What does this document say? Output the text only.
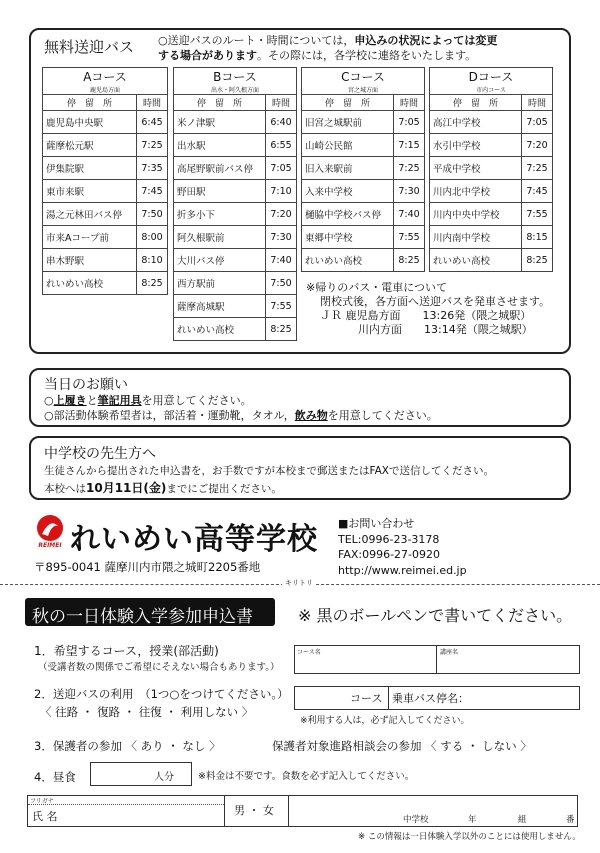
無料送迎バス ○送迎バスのルート・時間については，申込みの状況によっては変更
する場合があります。その際には，各学校に連絡をいたします。
Aコース	
鹿児島方面	
停　留　所	時間
鹿児島中央駅	6:45
薩摩松元駅	7:25
伊集院駅	7:35
東市来駅	7:45
湯之元林田バス停	7:50
市来Aコープ前	8:00
串木野駅	8:10
れいめい高校	8:25
Bコース	
出水・阿久根方面	
停　留　所	時間
米ノ津駅	6:40
出水駅	6:55
高尾野駅前バス停	7:05
野田駅	7:10
折多小下	7:20
阿久根駅前	7:30
大川バス停	7:40
西方駅前	7:50
薩摩高城駅	7:55
れいめい高校	8:25
Cコース	
宮之城方面	
停　留　所	時間
旧宮之城駅前	7:05
山崎公民館	7:15
旧入来駅前	7:25
入来中学校	7:30
樋脇中学校バス停	7:40
東郷中学校	7:55
れいめい高校	8:25
Dコース	
市内コース	
停　留　所	時間
高江中学校	7:05
水引中学校	7:20
平成中学校	7:25
川内北中学校	7:45
川内中央中学校	7:55
川内南中学校	8:15
れいめい高校	8:25
※帰りのバス・電車について
閉校式後，各方面へ送迎バスを発車させます。
ＪＲ 鹿児島方面　　13:26発（隈之城駅）
川内方面　　13:14発（隈之城駅）
当日のお願い
○上履きと筆記用具を用意してください。
○部活動体験希望者は，部活着・運動靴，タオル，飲み物を用意してください。
中学校の先生方へ
生徒さんから提出された申込書を，お手数ですが本校まで郵送またはFAXで送信してください。
本校へは10月11日(金)までにご提出ください。
REIMEI れいめい高等学校
〒895-0041 薩摩川内市隈之城町2205番地
■お問い合わせ
TEL:0996-23-3178
FAX:0996-27-0920
http://www.reimei.ed.jp
キリトリ
秋の一日体験入学参加申込書	※ 黒のボールペンで書いてください。
1．希望するコース，授業(部活動)
（受講者数の関係でご希望にそえない場合もあります。）
コース名	講座名
2．送迎バスの利用　（1つ○をつけてください。）
〈 往路 ・ 復路 ・ 往復 ・ 利用しない 〉
コース 乗車バス停名：
※利用する人は，必ず記入してください。
3．保護者の参加 〈 あり ・ なし 〉	保護者対象進路相談会の参加 〈 する ・ しない 〉
4．昼食	人分	※料金は不要です。食数を必ず記入してください。
フリガナ
氏 名	男 ・ 女
中学校	年	組	番
※ この情報は一日体験入学以外のことには使用しません。
